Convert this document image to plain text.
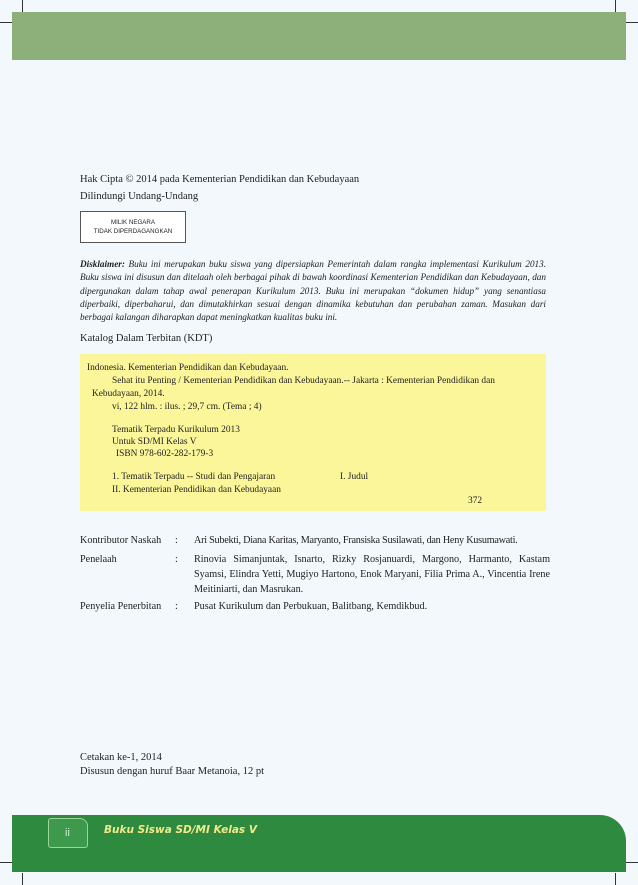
Hak Cipta © 2014 pada Kementerian Pendidikan dan Kebudayaan
Dilindungi Undang-Undang
MILIK NEGARA
TIDAK DIPERDAGANGKAN
Disklaimer: Buku ini merupakan buku siswa yang dipersiapkan Pemerintah dalam rangka implementasi Kurikulum 2013. Buku siswa ini disusun dan ditelaah oleh berbagai pihak di bawah koordinasi Kementerian Pendidikan dan Kebudayaan, dan dipergunakan dalam tahap awal penerapan Kurikulum 2013. Buku ini merupakan “dokumen hidup” yang senantiasa diperbaiki, diperbaharui, dan dimutakhirkan sesuai dengan dinamika kebutuhan dan perubahan zaman. Masukan dari berbagai kalangan diharapkan dapat meningkatkan kualitas buku ini.
Katalog Dalam Terbitan (KDT)
Indonesia. Kementerian Pendidikan dan Kebudayaan.
Sehat itu Penting / Kementerian Pendidikan dan Kebudayaan.-- Jakarta : Kementerian Pendidikan dan
Kebudayaan, 2014.
vi, 122 hlm. : ilus. ; 29,7 cm. (Tema ; 4)
Tematik Terpadu Kurikulum 2013
Untuk SD/MI Kelas V
ISBN 978-602-282-179-3
1. Tematik Terpadu -- Studi dan Pengajaran	I. Judul
II. Kementerian Pendidikan dan Kebudayaan
372
Kontributor Naskah : Ari Subekti, Diana Karitas, Maryanto, Fransiska Susilawati, dan Heny Kusumawati.
Penelaah	: Rinovia Simanjuntak, Isnarto, Rizky Rosjanuardi, Margono, Harmanto, Kastam Syamsi, Elindra Yetti, Mugiyo Hartono, Enok Maryani, Filia Prima A., Vincentia Irene Meitiniarti, dan Masrukan.
Penyelia Penerbitan : Pusat Kurikulum dan Perbukuan, Balitbang, Kemdikbud.
Cetakan ke-1, 2014
Disusun dengan huruf Baar Metanoia, 12 pt
ii	Buku Siswa SD/MI Kelas V
